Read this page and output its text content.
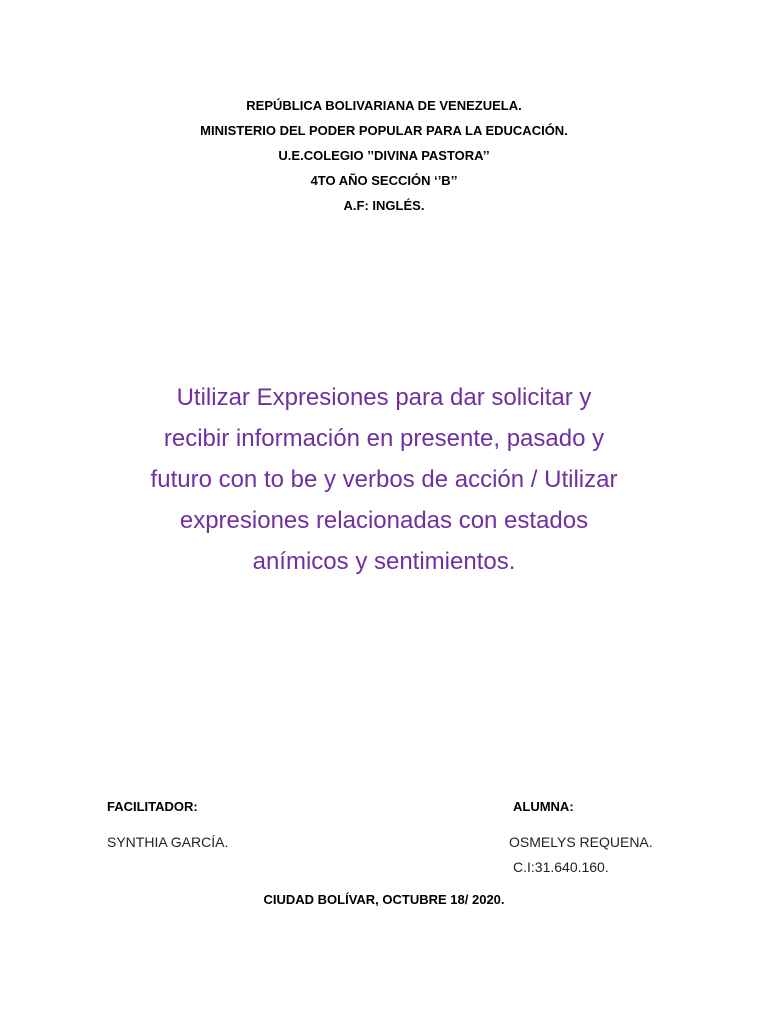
REPÚBLICA BOLIVARIANA DE VENEZUELA.
MINISTERIO DEL PODER POPULAR PARA LA EDUCACIÓN.
U.E.COLEGIO ’’DIVINA PASTORA’’
4TO AÑO SECCIÓN ‘’B’’
A.F: INGLÉS.
Utilizar Expresiones para dar solicitar y
recibir información en presente, pasado y
futuro con to be y verbos de acción / Utilizar
expresiones relacionadas con estados
anímicos y sentimientos.
FACILITADOR:
SYNTHIA GARCÍA.
ALUMNA:
OSMELYS REQUENA.
C.I:31.640.160.
CIUDAD BOLÍVAR, OCTUBRE 18/ 2020.
